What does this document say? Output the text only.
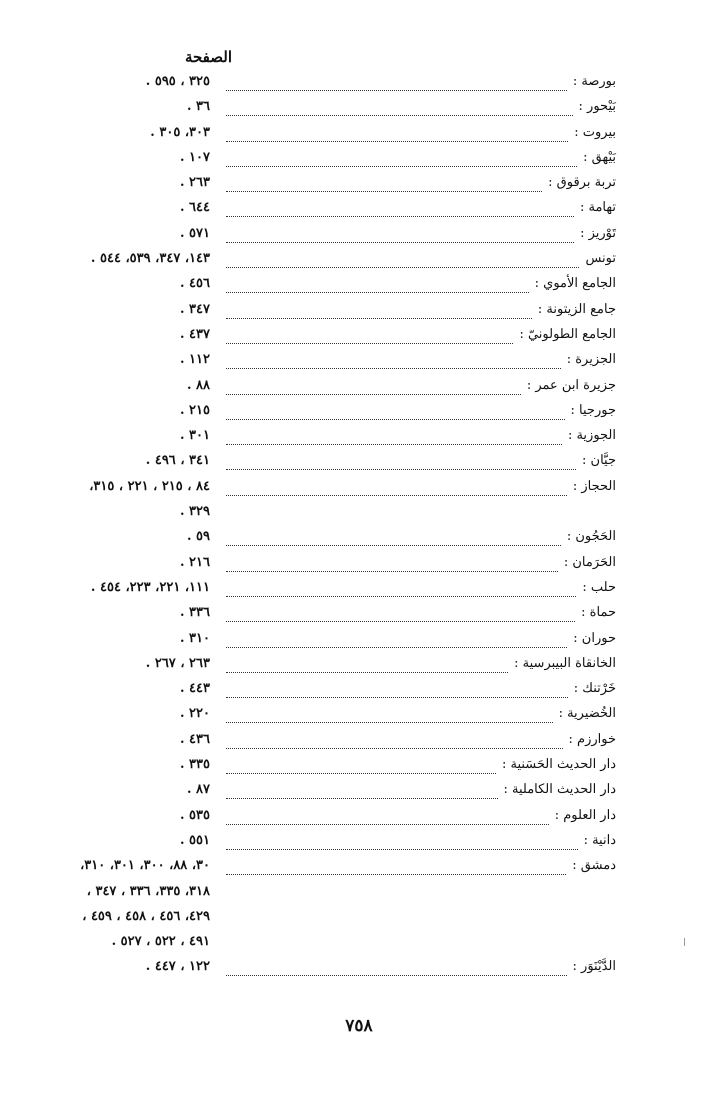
الصفحة
بورصة :
٣٢٥ ، ٥٩٥ .
بَيْحور :
٣٦ .
بيروت :
٣٠٣، ٣٠٥ .
بَيْهق :
١٠٧ .
تربة برقوق :
٢٦٣ .
تهامة :
٦٤٤ .
تَوْريز :
٥٧١ .
تونس
١٤٣، ٣٤٧، ٥٣٩، ٥٤٤ .
الجامع الأموي :
٤٥٦ .
جامع الزيتونة :
٣٤٧ .
الجامع الطولونيّ :
٤٣٧ .
الجزيرة :
١١٢ .
جزيرة ابن عمر :
٨٨ .
جورجيا :
٢١٥ .
الجوزية :
٣٠١ .
جيَّان :
٣٤١ ، ٤٩٦ .
الحجاز :
٨٤ ، ٢١٥ ، ٢٢١ ، ٣١٥،
٣٢٩ .
الحَجُون :
٥٩ .
الحَرَمان :
٢١٦ .
حلب :
١١١، ٢٢١، ٢٢٣، ٤٥٤ .
حماة :
٣٣٦ .
حوران :
٣١٠ .
الخانقاة البيبرسية :
٢٦٣ ، ٢٦٧ .
خَرْتنك :
٤٤٣ .
الخُضيرية :
٢٢٠ .
خوارزم :
٤٣٦ .
دار الحديث الحَسَنية :
٣٣٥ .
دار الحديث الكاملية :
٨٧ .
دار العلوم :
٥٣٥ .
دانية :
٥٥١ .
دمشق :
٣٠، ٨٨، ٣٠٠، ٣٠١، ٣١٠،
٣١٨، ٣٣٥، ٣٣٦ ، ٣٤٧ ،
٤٢٩، ٤٥٦ ، ٤٥٨ ، ٤٥٩ ،
٤٩١ ، ٥٢٢ ، ٥٢٧ .
الدَّيْنَوَر :
١٢٢ ، ٤٤٧ .
٧٥٨
